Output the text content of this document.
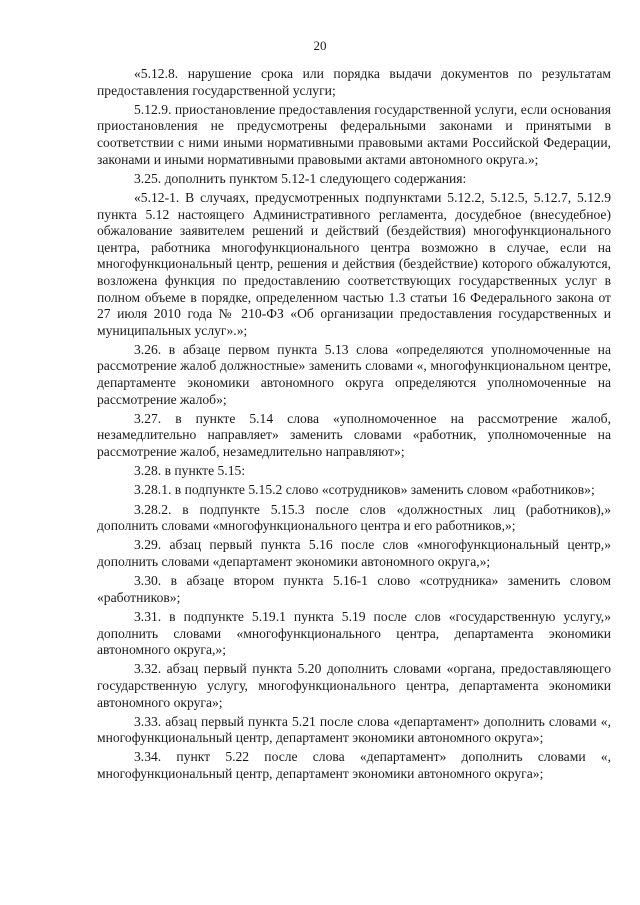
20

«5.12.8. нарушение срока или порядка выдачи документов по результатам предоставления государственной услуги;

5.12.9. приостановление предоставления государственной услуги, если основания приостановления не предусмотрены федеральными законами и принятыми в соответствии с ними иными нормативными правовыми актами Российской Федерации, законами и иными нормативными правовыми актами автономного округа.»;

3.25. дополнить пунктом 5.12-1 следующего содержания:

«5.12-1. В случаях, предусмотренных подпунктами 5.12.2, 5.12.5, 5.12.7, 5.12.9 пункта 5.12 настоящего Административного регламента, досудебное (внесудебное) обжалование заявителем решений и действий (бездействия) многофункционального центра, работника многофункционального центра возможно в случае, если на многофункциональный центр, решения и действия (бездействие) которого обжалуются, возложена функция по предоставлению соответствующих государственных услуг в полном объеме в порядке, определенном частью 1.3 статьи 16 Федерального закона от 27 июля 2010 года № 210-ФЗ «Об организации предоставления государственных и муниципальных услуг».»;

3.26. в абзаце первом пункта 5.13 слова «определяются уполномоченные на рассмотрение жалоб должностные» заменить словами «, многофункциональном центре, департаменте экономики автономного округа определяются уполномоченные на рассмотрение жалоб»;

3.27. в пункте 5.14 слова «уполномоченное на рассмотрение жалоб, незамедлительно направляет» заменить словами «работник, уполномоченные на рассмотрение жалоб, незамедлительно направляют»;

3.28. в пункте 5.15:

3.28.1. в подпункте 5.15.2 слово «сотрудников» заменить словом «работников»;

3.28.2. в подпункте 5.15.3 после слов «должностных лиц (работников),» дополнить словами «многофункционального центра и его работников,»;

3.29. абзац первый пункта 5.16 после слов «многофункциональный центр,» дополнить словами «департамент экономики автономного округа,»;

3.30. в абзаце втором пункта 5.16-1 слово «сотрудника» заменить словом «работников»;

3.31. в подпункте 5.19.1 пункта 5.19 после слов «государственную услугу,» дополнить словами «многофункционального центра, департамента экономики автономного округа,»;

3.32. абзац первый пункта 5.20 дополнить словами «органа, предоставляющего государственную услугу, многофункционального центра, департамента экономики автономного округа»;

3.33. абзац первый пункта 5.21 после слова «департамент» дополнить словами «, многофункциональный центр, департамент экономики автономного округа»;

3.34. пункт 5.22 после слова «департамент» дополнить словами «, многофункциональный центр, департамент экономики автономного округа»;
